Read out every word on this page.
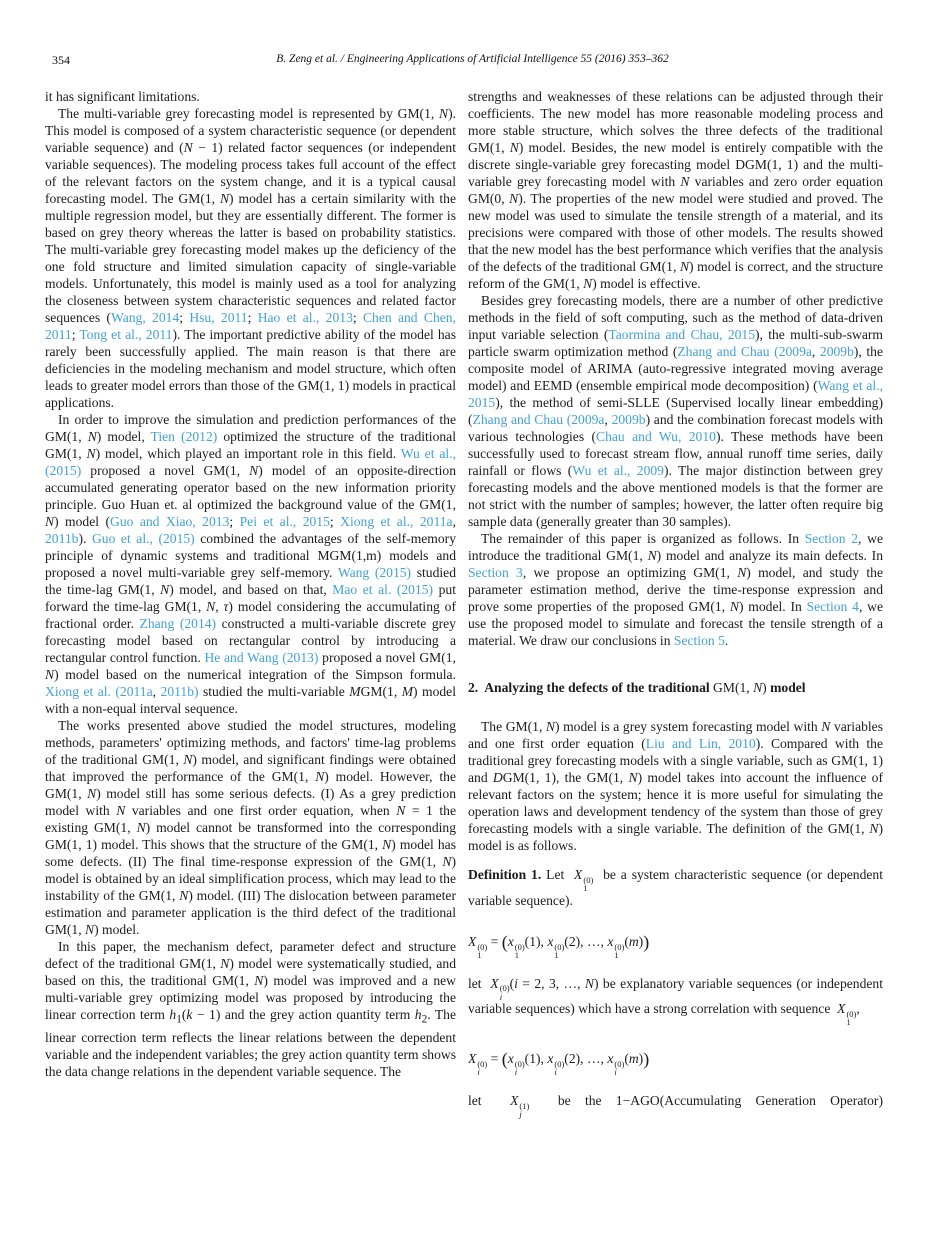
354	B. Zeng et al. / Engineering Applications of Artificial Intelligence 55 (2016) 353–362

it has significant limitations.

The multi-variable grey forecasting model is represented by GM(1, N). This model is composed of a system characteristic sequence (or dependent variable sequence) and (N − 1) related factor sequences (or independent variable sequences). The modeling process takes full account of the effect of the relevant factors on the system change, and it is a typical causal forecasting model. The GM(1, N) model has a certain similarity with the multiple regression model, but they are essentially different. The former is based on grey theory whereas the latter is based on probability statistics. The multi-variable grey forecasting model makes up the deficiency of the one fold structure and limited simulation capacity of single-variable models. Unfortunately, this model is mainly used as a tool for analyzing the closeness between system characteristic sequences and related factor sequences (Wang, 2014; Hsu, 2011; Hao et al., 2013; Chen and Chen, 2011; Tong et al., 2011). The important predictive ability of the model has rarely been successfully applied. The main reason is that there are deficiencies in the modeling mechanism and model structure, which often leads to greater model errors than those of the GM(1, 1) models in practical applications.

In order to improve the simulation and prediction performances of the GM(1, N) model, Tien (2012) optimized the structure of the traditional GM(1, N) model, which played an important role in this field. Wu et al., (2015) proposed a novel GM(1, N) model of an opposite-direction accumulated generating operator based on the new information priority principle. Guo Huan et. al optimized the background value of the GM(1, N) model (Guo and Xiao, 2013; Pei et al., 2015; Xiong et al., 2011a, 2011b). Guo et al., (2015) combined the advantages of the self-memory principle of dynamic systems and traditional MGM(1,m) models and proposed a novel multi-variable grey self-memory. Wang (2015) studied the time-lag GM(1, N) model, and based on that, Mao et al. (2015) put forward the time-lag GM(1, N, τ) model considering the accumulating of fractional order. Zhang (2014) constructed a multi-variable discrete grey forecasting model based on rectangular control by introducing a rectangular control function. He and Wang (2013) proposed a novel GM(1, N) model based on the numerical integration of the Simpson formula. Xiong et al. (2011a, 2011b) studied the multi-variable MGM(1, M) model with a non-equal interval sequence.

The works presented above studied the model structures, modeling methods, parameters' optimizing methods, and factors' time-lag problems of the traditional GM(1, N) model, and significant findings were obtained that improved the performance of the GM(1, N) model. However, the GM(1, N) model still has some serious defects. (I) As a grey prediction model with N variables and one first order equation, when N = 1 the existing GM(1, N) model cannot be transformed into the corresponding GM(1, 1) model. This shows that the structure of the GM(1, N) model has some defects. (II) The final time-response expression of the GM(1, N) model is obtained by an ideal simplification process, which may lead to the instability of the GM(1, N) model. (III) The dislocation between parameter estimation and parameter application is the third defect of the traditional GM(1, N) model.

In this paper, the mechanism defect, parameter defect and structure defect of the traditional GM(1, N) model were systematically studied, and based on this, the traditional GM(1, N) model was improved and a new multi-variable grey optimizing model was proposed by introducing the linear correction term $h_1(k - 1)$ and the grey action quantity term $h_2$. The linear correction term reflects the linear relations between the dependent variable and the independent variables; the grey action quantity term shows the data change relations in the dependent variable sequence. The

strengths and weaknesses of these relations can be adjusted through their coefficients. The new model has more reasonable modeling process and more stable structure, which solves the three defects of the traditional GM(1, N) model. Besides, the new model is entirely compatible with the discrete single-variable grey forecasting model DGM(1, 1) and the multi-variable grey forecasting model with N variables and zero order equation GM(0, N). The properties of the new model were studied and proved. The new model was used to simulate the tensile strength of a material, and its precisions were compared with those of other models. The results showed that the new model has the best performance which verifies that the analysis of the defects of the traditional GM(1, N) model is correct, and the structure reform of the GM(1, N) model is effective.

Besides grey forecasting models, there are a number of other predictive methods in the field of soft computing, such as the method of data-driven input variable selection (Taormina and Chau, 2015), the multi-sub-swarm particle swarm optimization method (Zhang and Chau (2009a, 2009b), the composite model of ARIMA (auto-regressive integrated moving average model) and EEMD (ensemble empirical mode decomposition) (Wang et al., 2015), the method of semi-SLLE (Supervised locally linear embedding) (Zhang and Chau (2009a, 2009b) and the combination forecast models with various technologies (Chau and Wu, 2010). These methods have been successfully used to forecast stream flow, annual runoff time series, daily rainfall or flows (Wu et al., 2009). The major distinction between grey forecasting models and the above mentioned models is that the former are not strict with the number of samples; however, the latter often require big sample data (generally greater than 30 samples).

The remainder of this paper is organized as follows. In Section 2, we introduce the traditional GM(1, N) model and analyze its main defects. In Section 3, we propose an optimizing GM(1, N) model, and study the parameter estimation method, derive the time-response expression and prove some properties of the proposed GM(1, N) model. In Section 4, we use the proposed model to simulate and forecast the tensile strength of a material. We draw our conclusions in Section 5.

2.  Analyzing the defects of the traditional GM(1, N) model

The GM(1, N) model is a grey system forecasting model with N variables and one first order equation (Liu and Lin, 2010). Compared with the traditional grey forecasting models with a single variable, such as GM(1, 1) and DGM(1, 1), the GM(1, N) model takes into account the influence of relevant factors on the system; hence it is more useful for simulating the operation laws and development tendency of the system than those of grey forecasting models with a single variable. The definition of the GM(1, N) model is as follows.

Definition 1. Let  X (0)
1
be a system characteristic sequence (or dependent variable sequence).

X (0)
1
= (x (0)
1
(1), x (0)
1
(2), …, x (0)
1
(m))

let  X (0)
i
(i = 2, 3, …, N) be explanatory variable sequences (or independent variable sequences) which have a strong correlation with sequence  X (0)
1
,

X (0)
i
= (x (0)
i
(1), x (0)
i
(2), …, x (0)
i
(m))

let  X (1)
j
be the 1−AGO(Accumulating Generation Operator)
